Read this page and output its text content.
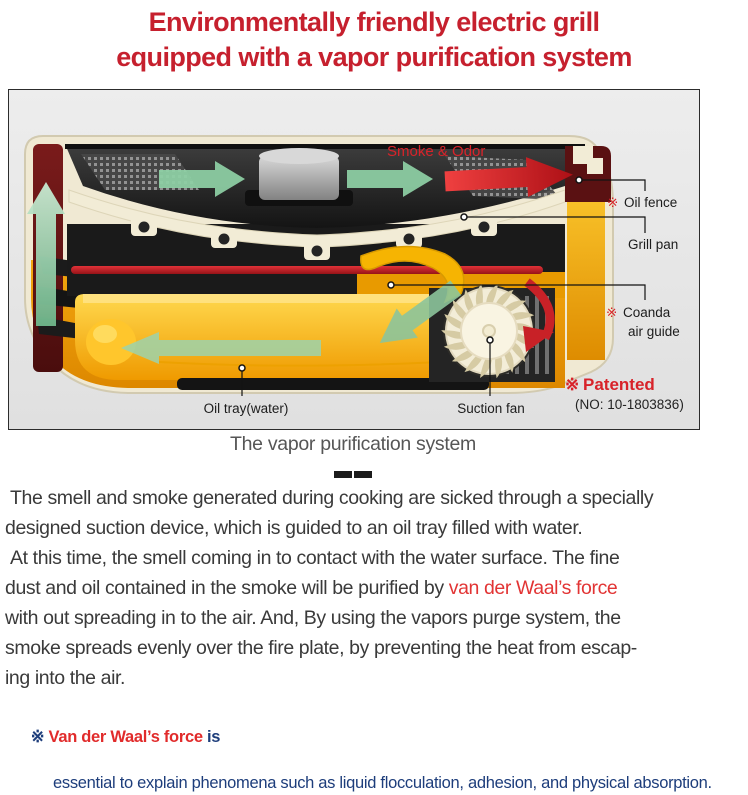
Environmentally friendly electric grill
equipped with a vapor purification system
Smoke & Odor
※ Oil fence
Grill pan
※ Coanda
air guide
Suction fan
Oil tray(water)
※ Patented
(NO: 10-1803836)
The vapor purification system
The smell and smoke generated during cooking are sicked through a specially
designed suction device, which is guided to an oil tray filled with water.
At this time, the smell coming in to contact with the water surface. The fine
dust and oil contained in the smoke will be purified by van der Waal’s force
with out spreading in to the air. And, By using the vapors purge system, the
smoke spreads evenly over the fire plate, by preventing the heat from escap-
ing into the air.

※ Van der Waal’s force is

essential to explain phenomena such as liquid flocculation, adhesion, and physical absorption.
